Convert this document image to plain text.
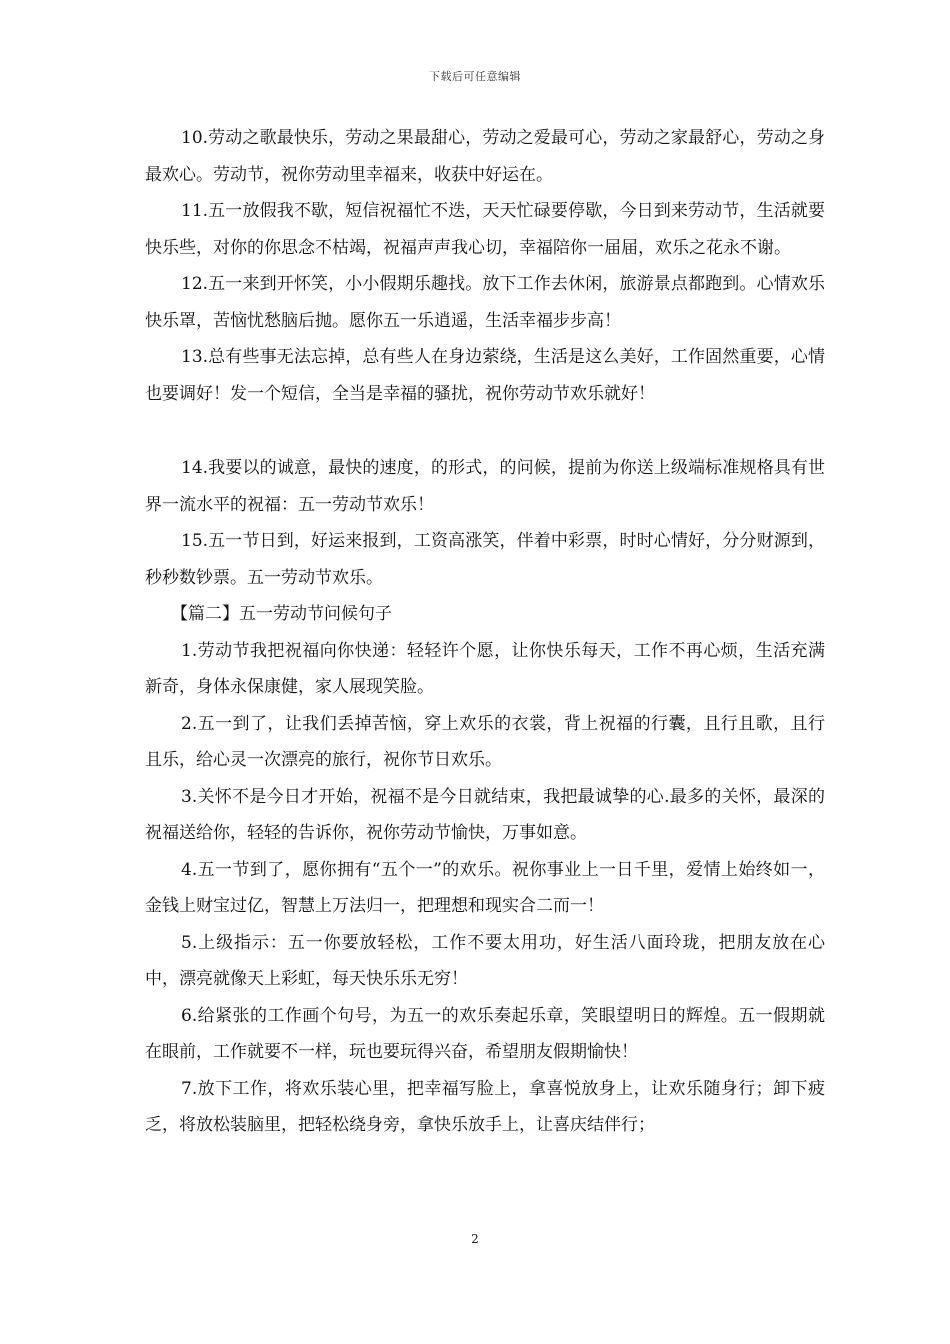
下载后可任意编辑

10.劳动之歌最快乐，劳动之果最甜心，劳动之爱最可心，劳动之家最舒心，劳动之身最欢心。劳动节，祝你劳动里幸福来，收获中好运在。

11.五一放假我不歇，短信祝福忙不迭，天天忙碌要停歇，今日到来劳动节，生活就要快乐些，对你的你思念不枯竭，祝福声声我心切，幸福陪你一届届，欢乐之花永不谢。

12.五一来到开怀笑，小小假期乐趣找。放下工作去休闲，旅游景点都跑到。心情欢乐快乐罩，苦恼忧愁脑后抛。愿你五一乐逍遥，生活幸福步步高！

13.总有些事无法忘掉，总有些人在身边萦绕，生活是这么美好，工作固然重要，心情也要调好！发一个短信，全当是幸福的骚扰，祝你劳动节欢乐就好！

14.我要以的诚意，最快的速度，的形式，的问候，提前为你送上级端标准规格具有世界一流水平的祝福：五一劳动节欢乐！

15.五一节日到，好运来报到，工资高涨笑，伴着中彩票，时时心情好，分分财源到，秒秒数钞票。五一劳动节欢乐。

【篇二】五一劳动节问候句子

1.劳动节我把祝福向你快递：轻轻许个愿，让你快乐每天，工作不再心烦，生活充满新奇，身体永保康健，家人展现笑脸。

2.五一到了，让我们丢掉苦恼，穿上欢乐的衣裳，背上祝福的行囊，且行且歌，且行且乐，给心灵一次漂亮的旅行，祝你节日欢乐。

3.关怀不是今日才开始，祝福不是今日就结束，我把最诚挚的心.最多的关怀，最深的祝福送给你，轻轻的告诉你，祝你劳动节愉快，万事如意。

4.五一节到了，愿你拥有“五个一”的欢乐。祝你事业上一日千里，爱情上始终如一，金钱上财宝过亿，智慧上万法归一，把理想和现实合二而一！

5.上级指示：五一你要放轻松，工作不要太用功，好生活八面玲珑，把朋友放在心中，漂亮就像天上彩虹，每天快乐乐无穷！

6.给紧张的工作画个句号，为五一的欢乐奏起乐章，笑眼望明日的辉煌。五一假期就在眼前，工作就要不一样，玩也要玩得兴奋，希望朋友假期愉快！

7.放下工作，将欢乐装心里，把幸福写脸上，拿喜悦放身上，让欢乐随身行；卸下疲乏，将放松装脑里，把轻松绕身旁，拿快乐放手上，让喜庆结伴行；

2
